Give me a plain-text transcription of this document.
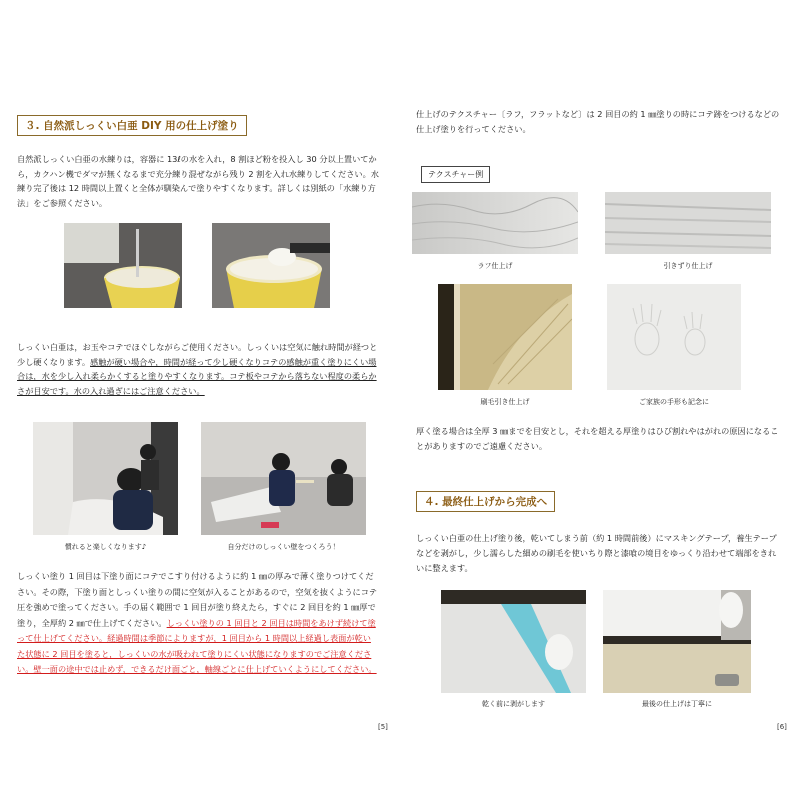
３. 自然派しっくい白亜 DIY 用の仕上げ塗り
自然派しっくい白亜の水練りは，容器に 13ℓの水を入れ，8 割ほど粉を投入し 30 分以上置いてから，カクハン機でダマが無くなるまで充分練り混ぜながら残り 2 割を入れ水練りしてください。水練り完了後は 12 時間以上置くと全体が馴染んで塗りやすくなります。詳しくは別紙の「水練り方法」をご参照ください。
しっくい白亜は，お玉やコテでほぐしながらご使用ください。しっくいは空気に触れ時間が経つと少し硬くなります。感触が硬い場合や，時間が経って少し硬くなりコテの感触が重く塗りにくい場合は，水を少し入れ柔らかくすると塗りやすくなります。コテ板やコテから落ちない程度の柔らかさが目安です。水の入れ過ぎにはご注意ください。
慣れると楽しくなります♪	自分だけのしっくい壁をつくろう！
しっくい塗り 1 回目は下塗り面にコテでこすり付けるように約 1 ㎜の厚みで薄く塗りつけてください。その際，下塗り面としっくい塗りの間に空気が入ることがあるので，空気を抜くようにコテ圧を強めで塗ってください。手の届く範囲で 1 回目が塗り終えたら，すぐに 2 回目を約 1 ㎜厚で塗り，全厚約 2 ㎜で仕上げてください。しっくい塗りの 1 回目と 2 回目は時間をあけず続けて塗って仕上げてください。経過時間は季節によりますが，1 回目から 1 時間以上経過し表面が乾いた状態に 2 回目を塗ると，しっくいの水が吸われて塗りにくい状態になりますのでご注意ください。壁一面の途中では止めず，できるだけ面ごと，軸線ごとに仕上げていくようにしてください。
[5]
仕上げのテクスチャー〔ラフ，フラットなど〕は 2 回目の約 1 ㎜塗りの時にコテ跡をつけるなどの仕上げ塗りを行ってください。
テクスチャー例
ラフ仕上げ	引きずり仕上げ
刷毛引き仕上げ	ご家族の手形も記念に
厚く塗る場合は全厚 3 ㎜までを目安とし，それを超える厚塗りはひび割れやはがれの原因になることがありますのでご遠慮ください。
４. 最終仕上げから完成へ
しっくい白亜の仕上げ塗り後，乾いてしまう前（約 1 時間前後）にマスキングテープ，養生テープなどを剥がし，少し濡らした細めの刷毛を使いちり際と漆喰の境目をゆっくり沿わせて端部をきれいに整えます。
乾く前に剥がします	最後の仕上げは丁寧に
[6]
